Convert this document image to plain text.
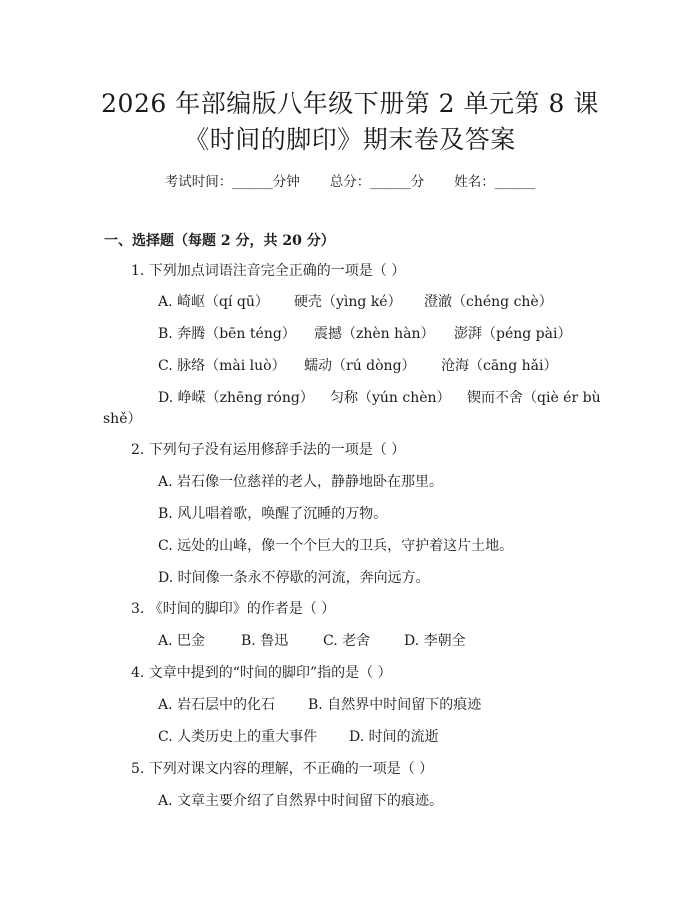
2026 年部编版八年级下册第 2 单元第 8 课
《时间的脚印》期末卷及答案
考试时间：______分钟 总分：______分 姓名：______
一、选择题（每题 2 分，共 20 分）
1. 下列加点词语注音完全正确的一项是（ ）
A. 崎岖（qí qū） 硬壳（yìng ké） 澄澈（chéng chè）
B. 奔腾（bēn téng） 震撼（zhèn hàn） 澎湃（péng pài）
C. 脉络（mài luò） 蠕动（rú dòng） 沧海（cāng hǎi）
D. 峥嵘（zhēng róng） 匀称（yún chèn） 锲而不舍（qiè ér bù
shě）
2. 下列句子没有运用修辞手法的一项是（ ）
A. 岩石像一位慈祥的老人，静静地卧在那里。
B. 风儿唱着歌，唤醒了沉睡的万物。
C. 远处的山峰，像一个个巨大的卫兵，守护着这片土地。
D. 时间像一条永不停歇的河流，奔向远方。
3. 《时间的脚印》的作者是（ ）
A. 巴金	B. 鲁迅 C. 老舍 D. 李朝全
4. 文章中提到的“时间的脚印”指的是（ ）
A. 岩石层中的化石 B. 自然界中时间留下的痕迹
C. 人类历史上的重大事件 D. 时间的流逝
5. 下列对课文内容的理解，不正确的一项是（ ）
A. 文章主要介绍了自然界中时间留下的痕迹。
